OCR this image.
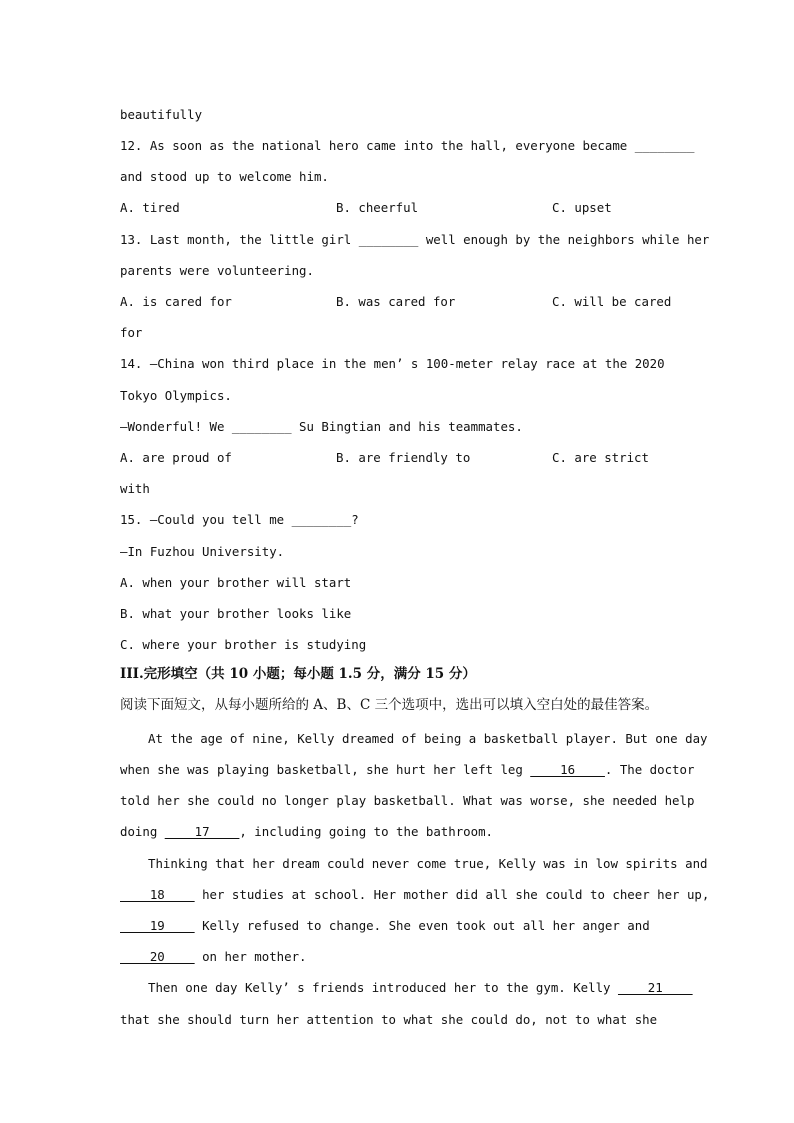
beautifully
12. As soon as the national hero came into the hall, everyone became ________
and stood up to welcome him.
A. tired	B. cheerful	C. upset
13. Last month, the little girl ________ well enough by the neighbors while her
parents were volunteering.
A. is cared for	B. was cared for	C. will be cared
for
14. —China won third place in the men’ s 100-meter relay race at the 2020
Tokyo Olympics.
—Wonderful! We ________ Su Bingtian and his teammates.
A. are proud of	B. are friendly to	C. are strict
with
15. —Could you tell me ________?
—In Fuzhou University.
A. when your brother will start
B. what your brother looks like
C. where your brother is studying
III.完形填空（共 10 小题；每小题 1.5 分，满分 15 分）
阅读下面短文，从每小题所给的 A、B、C 三个选项中，选出可以填入空白处的最佳答案。
At the age of nine, Kelly dreamed of being a basketball player. But one day
when she was playing basketball, she hurt her left leg ____16____. The doctor
told her she could no longer play basketball. What was worse, she needed help
doing ____17____, including going to the bathroom.
Thinking that her dream could never come true, Kelly was in low spirits and
____18____ her studies at school. Her mother did all she could to cheer her up,
____19____ Kelly refused to change. She even took out all her anger and
____20____ on her mother.
Then one day Kelly’ s friends introduced her to the gym. Kelly ____21____
that she should turn her attention to what she could do, not to what she
